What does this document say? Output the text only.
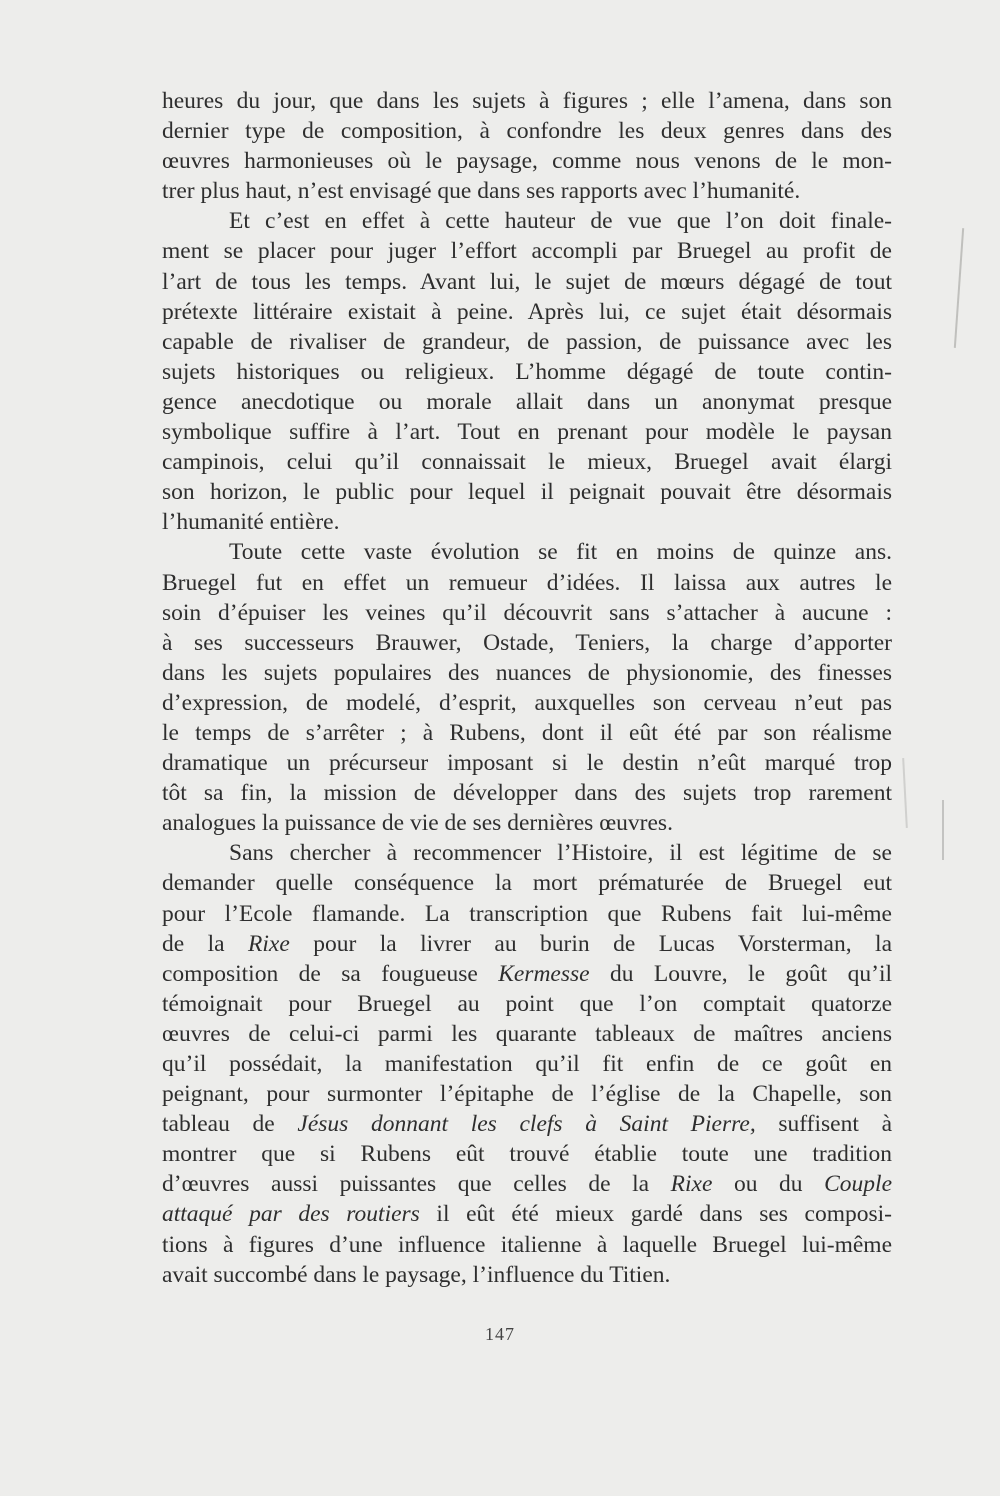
heures du jour, que dans les sujets à figures ; elle l’amena, dans son
dernier type de composition, à confondre les deux genres dans des
œuvres harmonieuses où le paysage, comme nous venons de le mon-
trer plus haut, n’est envisagé que dans ses rapports avec l’humanité.
Et c’est en effet à cette hauteur de vue que l’on doit finale-
ment se placer pour juger l’effort accompli par Bruegel au profit de
l’art de tous les temps. Avant lui, le sujet de mœurs dégagé de tout
prétexte littéraire existait à peine. Après lui, ce sujet était désormais
capable de rivaliser de grandeur, de passion, de puissance avec les
sujets historiques ou religieux. L’homme dégagé de toute contin-
gence anecdotique ou morale allait dans un anonymat presque
symbolique suffire à l’art. Tout en prenant pour modèle le paysan
campinois, celui qu’il connaissait le mieux, Bruegel avait élargi
son horizon, le public pour lequel il peignait pouvait être désormais
l’humanité entière.
Toute cette vaste évolution se fit en moins de quinze ans.
Bruegel fut en effet un remueur d’idées. Il laissa aux autres le
soin d’épuiser les veines qu’il découvrit sans s’attacher à aucune :
à ses successeurs Brauwer, Ostade, Teniers, la charge d’apporter
dans les sujets populaires des nuances de physionomie, des finesses
d’expression, de modelé, d’esprit, auxquelles son cerveau n’eut pas
le temps de s’arrêter ; à Rubens, dont il eût été par son réalisme
dramatique un précurseur imposant si le destin n’eût marqué trop
tôt sa fin, la mission de développer dans des sujets trop rarement
analogues la puissance de vie de ses dernières œuvres.
Sans chercher à recommencer l’Histoire, il est légitime de se
demander quelle conséquence la mort prématurée de Bruegel eut
pour l’Ecole flamande. La transcription que Rubens fait lui-même
de la Rixe pour la livrer au burin de Lucas Vorsterman, la
composition de sa fougueuse Kermesse du Louvre, le goût qu’il
témoignait pour Bruegel au point que l’on comptait quatorze
œuvres de celui-ci parmi les quarante tableaux de maîtres anciens
qu’il possédait, la manifestation qu’il fit enfin de ce goût en
peignant, pour surmonter l’épitaphe de l’église de la Chapelle, son
tableau de Jésus donnant les clefs à Saint Pierre, suffisent à
montrer que si Rubens eût trouvé établie toute une tradition
d’œuvres aussi puissantes que celles de la Rixe ou du Couple
attaqué par des routiers il eût été mieux gardé dans ses composi-
tions à figures d’une influence italienne à laquelle Bruegel lui-même
avait succombé dans le paysage, l’influence du Titien.
147
